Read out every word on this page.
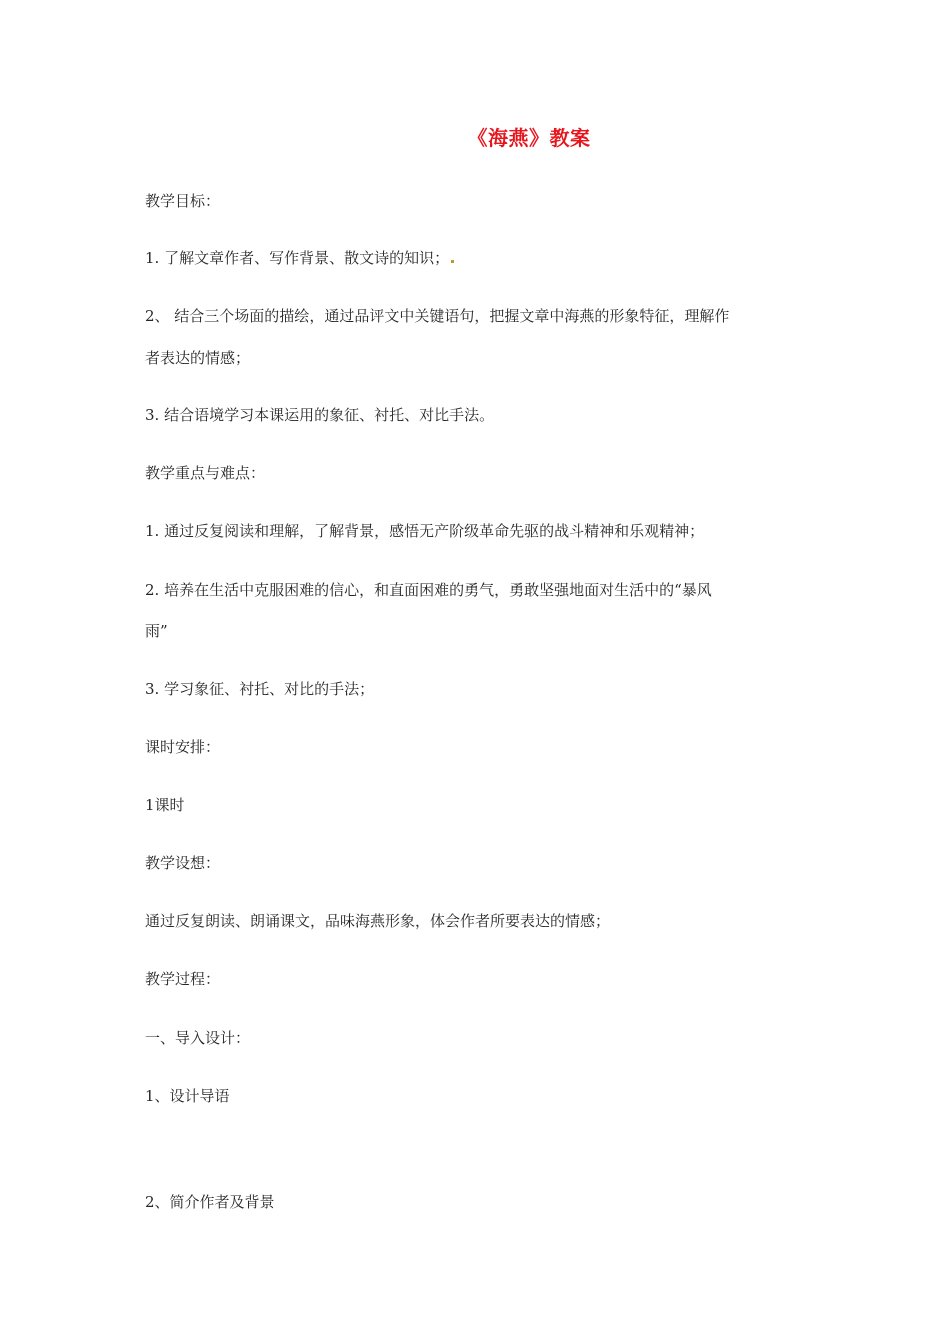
《海燕》教案
教学目标：
1. 了解文章作者、写作背景、散文诗的知识；
2、 结合三个场面的描绘，通过品评文中关键语句，把握文章中海燕的形象特征，理解作
者表达的情感；
3. 结合语境学习本课运用的象征、衬托、对比手法。
教学重点与难点：
1. 通过反复阅读和理解，了解背景，感悟无产阶级革命先驱的战斗精神和乐观精神；
2. 培养在生活中克服困难的信心，和直面困难的勇气，勇敢坚强地面对生活中的“暴风
雨”
3. 学习象征、衬托、对比的手法；
课时安排：
1课时
教学设想：
通过反复朗读、朗诵课文，品味海燕形象，体会作者所要表达的情感；
教学过程：
一、导入设计：
1、设计导语
2、简介作者及背景
